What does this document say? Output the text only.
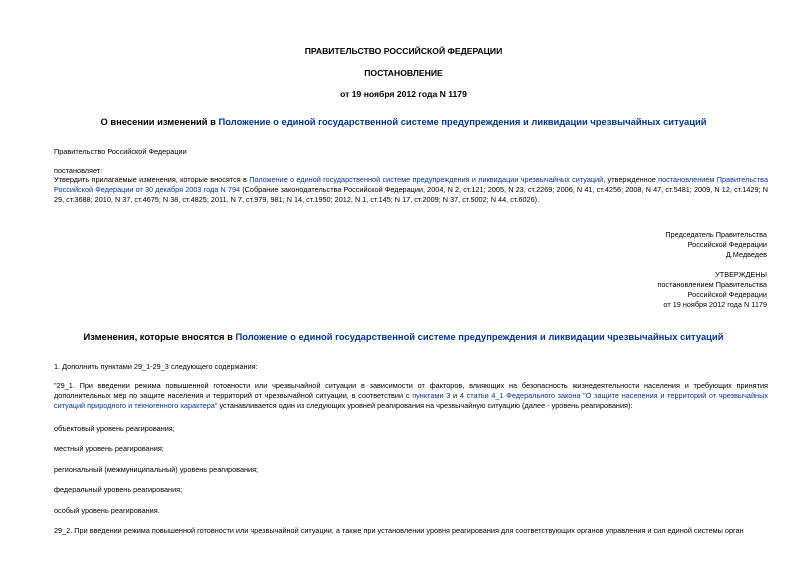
ПРАВИТЕЛЬСТВО РОССИЙСКОЙ ФЕДЕРАЦИИ
ПОСТАНОВЛЕНИЕ
от 19 ноября 2012 года N 1179
О внесении изменений в Положение о единой государственной системе предупреждения и ликвидации чрезвычайных ситуаций
Правительство Российской Федерации
постановляет:
Утвердить прилагаемые изменения, которые вносятся в Положение о единой государственной системе предупреждения и ликвидации чрезвычайных ситуаций, утвержденное постановлением Правительства Российской Федерации от 30 декабря 2003 года N 794 (Собрание законодательства Российской Федерации, 2004, N 2, ст.121; 2005, N 23, ст.2269; 2006, N 41, ст.4256; 2008, N 47, ст.5481; 2009, N 12, ст.1429; N 29, ст.3688; 2010, N 37, ст.4675; N 38, ст.4825; 2011, N 7, ст.979, 981; N 14, ст.1950; 2012, N 1, ст.145; N 17, ст.2009; N 37, ст.5002; N 44, ст.6026).
Председатель Правительства
Российской Федерации
Д.Медведев
УТВЕРЖДЕНЫ
постановлением Правительства
Российской Федерации
от 19 ноября 2012 года N 1179
Изменения, которые вносятся в Положение о единой государственной системе предупреждения и ликвидации чрезвычайных ситуаций
1. Дополнить пунктами 29_1-29_3 следующего содержания:
"29_1. При введении режима повышенной готовности или чрезвычайной ситуации в зависимости от факторов, влияющих на безопасность жизнедеятельности населения и требующих принятия дополнительных мер по защите населения и территорий от чрезвычайной ситуации, в соответствии с пунктами 3 и 4 статьи 4_1 Федерального закона "О защите населения и территорий от чрезвычайных ситуаций природного и техногенного характера" устанавливается один из следующих уровней реагирования на чрезвычайную ситуацию (далее - уровень реагирования):
объектовый уровень реагирования;
местный уровень реагирования;
региональный (межмуниципальный) уровень реагирования;
федеральный уровень реагирования;
особый уровень реагирования.
29_2. При введении режима повышенной готовности или чрезвычайной ситуации, а также при установлении уровня реагирования для соответствующих органов управления и сил единой системы орган
